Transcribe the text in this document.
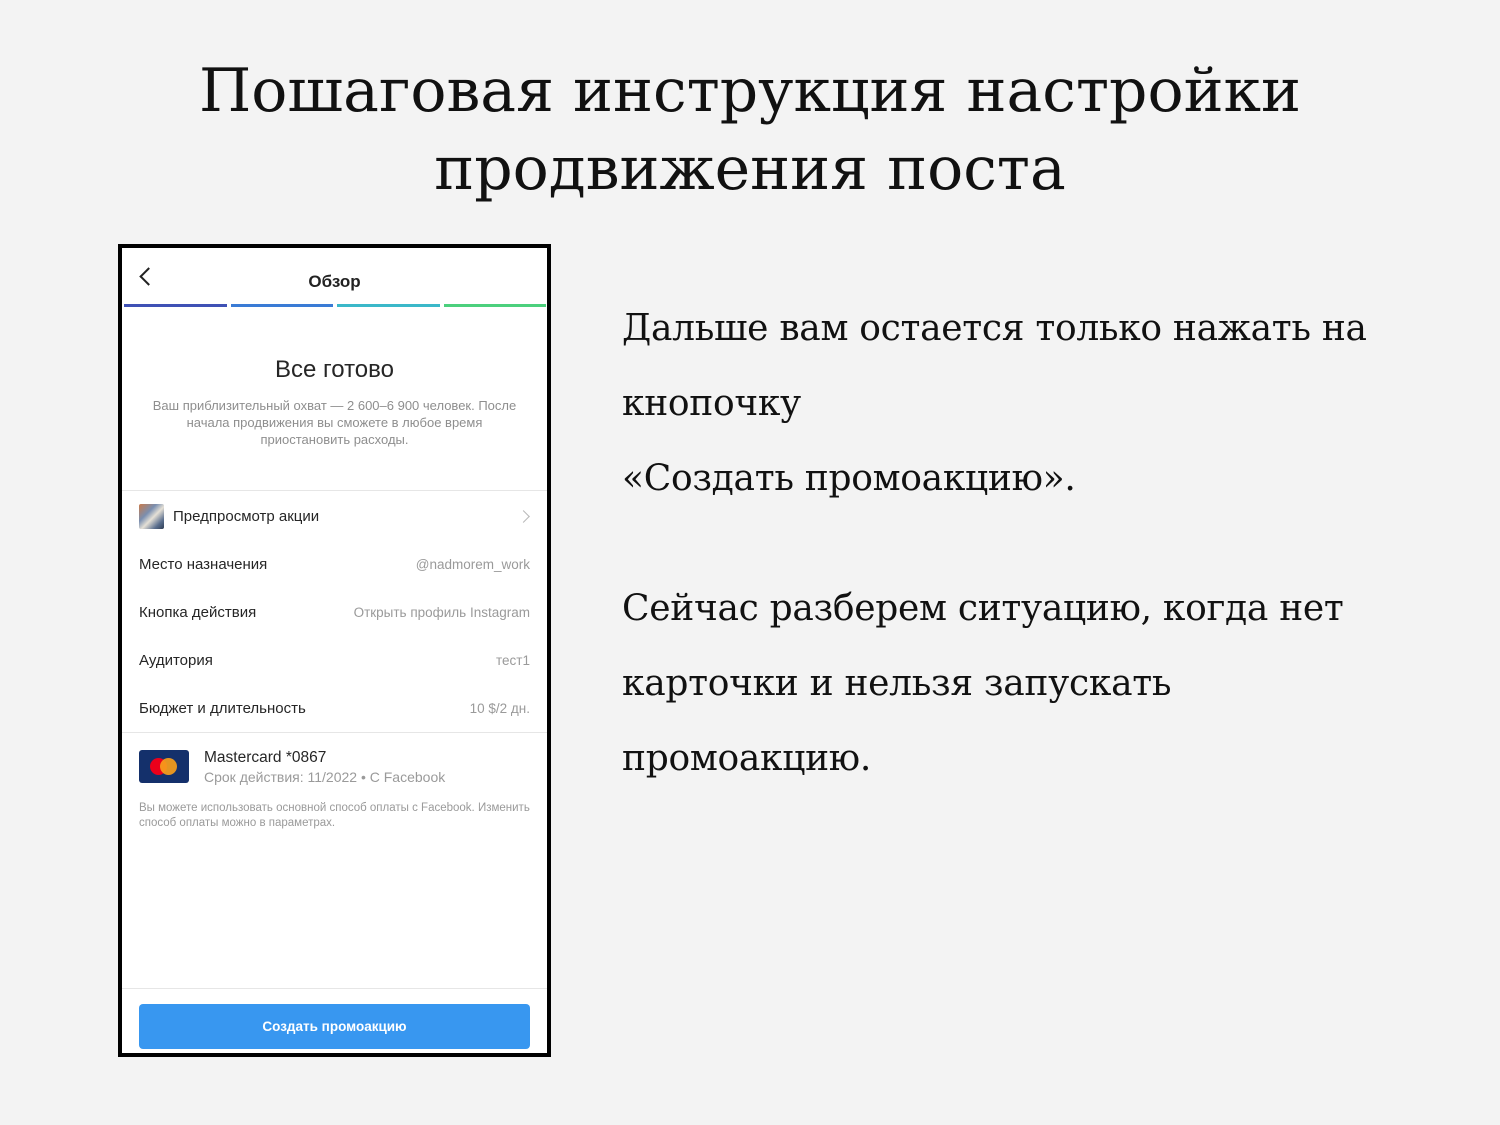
Пошаговая инструкция настройки
продвижения поста
Обзор
Все готово
Ваш приблизительный охват — 2 600–6 900 человек. После начала продвижения вы сможете в любое время приостановить расходы.
Предпросмотр акции
Место назначения	@nadmorem_work
Кнопка действия	Открыть профиль Instagram
Аудитория	тест1
Бюджет и длительность	10 $/2 дн.
Mastercard *0867
Срок действия: 11/2022 • С Facebook
Вы можете использовать основной способ оплаты с Facebook. Изменить способ оплаты можно в параметрах.
Создать промоакцию

Дальше вам остается только нажать на
кнопочку
«Создать промоакцию».

Сейчас разберем ситуацию, когда нет
карточки и нельзя запускать
промоакцию.
